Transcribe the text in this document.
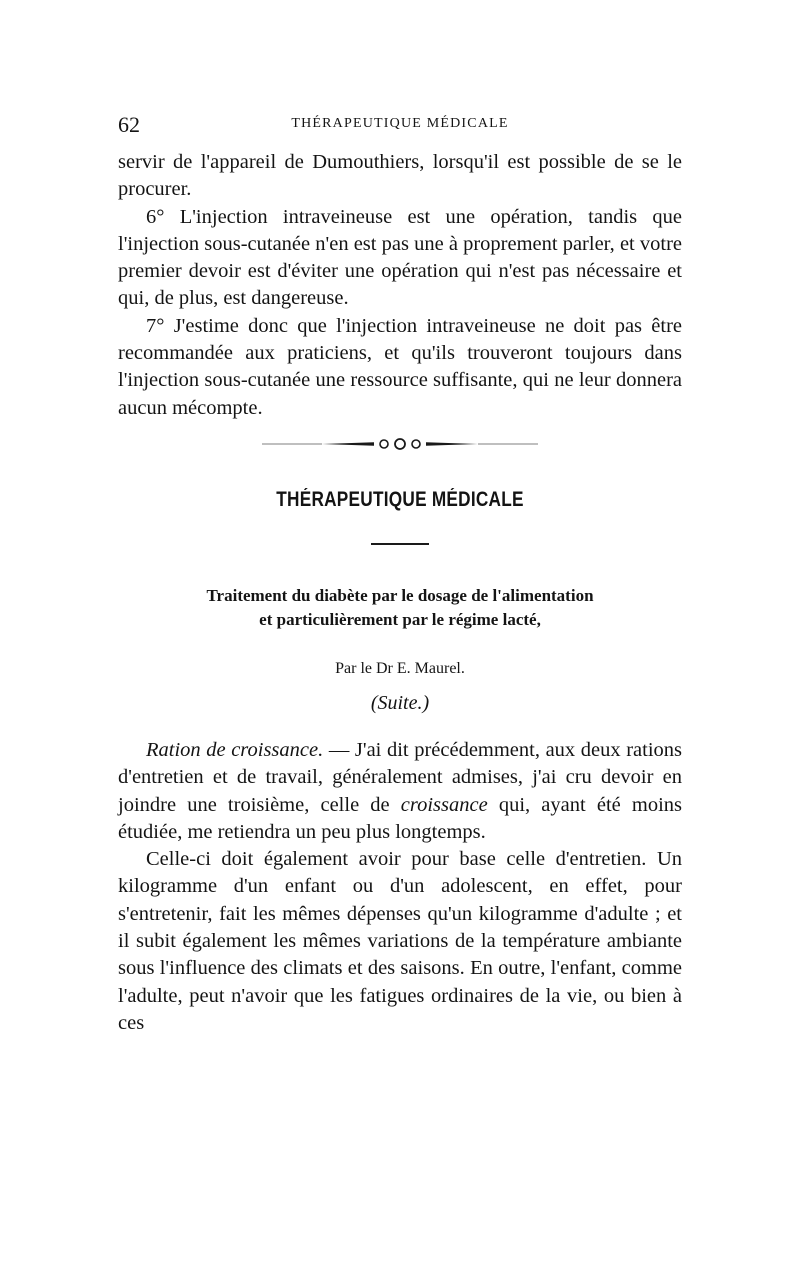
62	THÉRAPEUTIQUE MÉDICALE

servir de l'appareil de Dumouthiers, lorsqu'il est possible de se le procurer.

6° L'injection intraveineuse est une opération, tandis que l'injection sous-cutanée n'en est pas une à proprement parler, et votre premier devoir est d'éviter une opération qui n'est pas nécessaire et qui, de plus, est dangereuse.

7° J'estime donc que l'injection intraveineuse ne doit pas être recommandée aux praticiens, et qu'ils trouveront toujours dans l'injection sous-cutanée une ressource suffisante, qui ne leur donnera aucun mécompte.

THÉRAPEUTIQUE MÉDICALE
Traitement du diabète par le dosage de l'alimentation
et particulièrement par le régime lacté,
Par le Dr E. Maurel.
(Suite.)

Ration de croissance. — J'ai dit précédemment, aux deux rations d'entretien et de travail, généralement admises, j'ai cru devoir en joindre une troisième, celle de croissance qui, ayant été moins étudiée, me retiendra un peu plus longtemps.

Celle-ci doit également avoir pour base celle d'entretien. Un kilogramme d'un enfant ou d'un adolescent, en effet, pour s'entretenir, fait les mêmes dépenses qu'un kilogramme d'adulte ; et il subit également les mêmes variations de la température ambiante sous l'influence des climats et des saisons. En outre, l'enfant, comme l'adulte, peut n'avoir que les fatigues ordinaires de la vie, ou bien à ces
